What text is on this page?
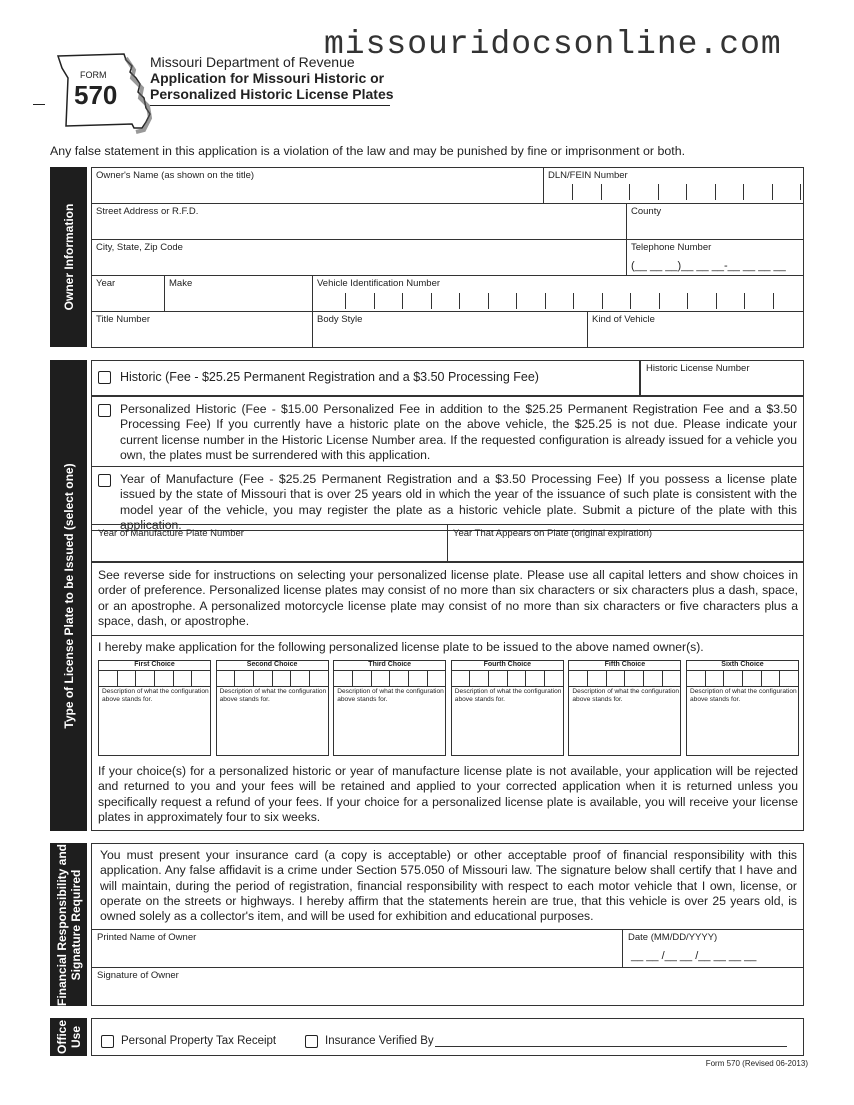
missouridocsonline.com
FORM
570
Missouri Department of Revenue
Application for Missouri Historic or
Personalized Historic License Plates
Any false statement in this application is a violation of the law and may be punished by fine or imprisonment or both.
Owner Information
Owner's Name (as shown on the title)	DLN/FEIN Number
Street Address or R.F.D.	County
City, State, Zip Code	Telephone Number
(__ __ __)__ __ __-__ __ __ __
Year	Make	Vehicle Identification Number
Title Number	Body Style	Kind of Vehicle
Type of License Plate to be Issued (select one)
Historic (Fee - $25.25 Permanent Registration and a $3.50 Processing Fee)
Historic License Number
Personalized Historic (Fee - $15.00 Personalized Fee in addition to the $25.25 Permanent Registration Fee and a $3.50 Processing Fee) If you currently have a historic plate on the above vehicle, the $25.25 is not due. Please indicate your current license number in the Historic License Number area. If the requested configuration is already issued for a vehicle you own, the plates must be surrendered with this application.
Year of Manufacture (Fee - $25.25 Permanent Registration and a $3.50 Processing Fee) If you possess a license plate issued by the state of Missouri that is over 25 years old in which the year of the issuance of such plate is consistent with the model year of the vehicle, you may register the plate as a historic vehicle plate. Submit a picture of the plate with this application.
Year of Manufacture Plate Number	Year That Appears on Plate (original expiration)
See reverse side for instructions on selecting your personalized license plate. Please use all capital letters and show choices in order of preference. Personalized license plates may consist of no more than six characters or six characters plus a dash, space, or an apostrophe. A personalized motorcycle license plate may consist of no more than six characters or five characters plus a space, dash, or apostrophe.
I hereby make application for the following personalized license plate to be issued to the above named owner(s).
First Choice
Description of what the configuration above stands for.
Second Choice
Description of what the configuration above stands for.
Third Choice
Description of what the configuration above stands for.
Fourth Choice
Description of what the configuration above stands for.
Fifth Choice
Description of what the configuration above stands for.
Sixth Choice
Description of what the configuration above stands for.
If your choice(s) for a personalized historic or year of manufacture license plate is not available, your application will be rejected and returned to you and your fees will be retained and applied to your corrected application when it is returned unless you specifically request a refund of your fees. If your choice for a personalized license plate is available, you will receive your license plates in approximately four to six weeks.
Financial Responsibility and Signature Required
You must present your insurance card (a copy is acceptable) or other acceptable proof of financial responsibility with this application. Any false affidavit is a crime under Section 575.050 of Missouri law. The signature below shall certify that I have and will maintain, during the period of registration, financial responsibility with respect to each motor vehicle that I own, license, or operate on the streets or highways. I hereby affirm that the statements herein are true, that this vehicle is over 25 years old, is owned solely as a collector's item, and will be used for exhibition and educational purposes.
Printed Name of Owner	Date (MM/DD/YYYY)
__ __ /__ __ /__ __ __ __
Signature of Owner
Office Use	Personal Property Tax Receipt	Insurance Verified By
Form 570 (Revised 06-2013)
